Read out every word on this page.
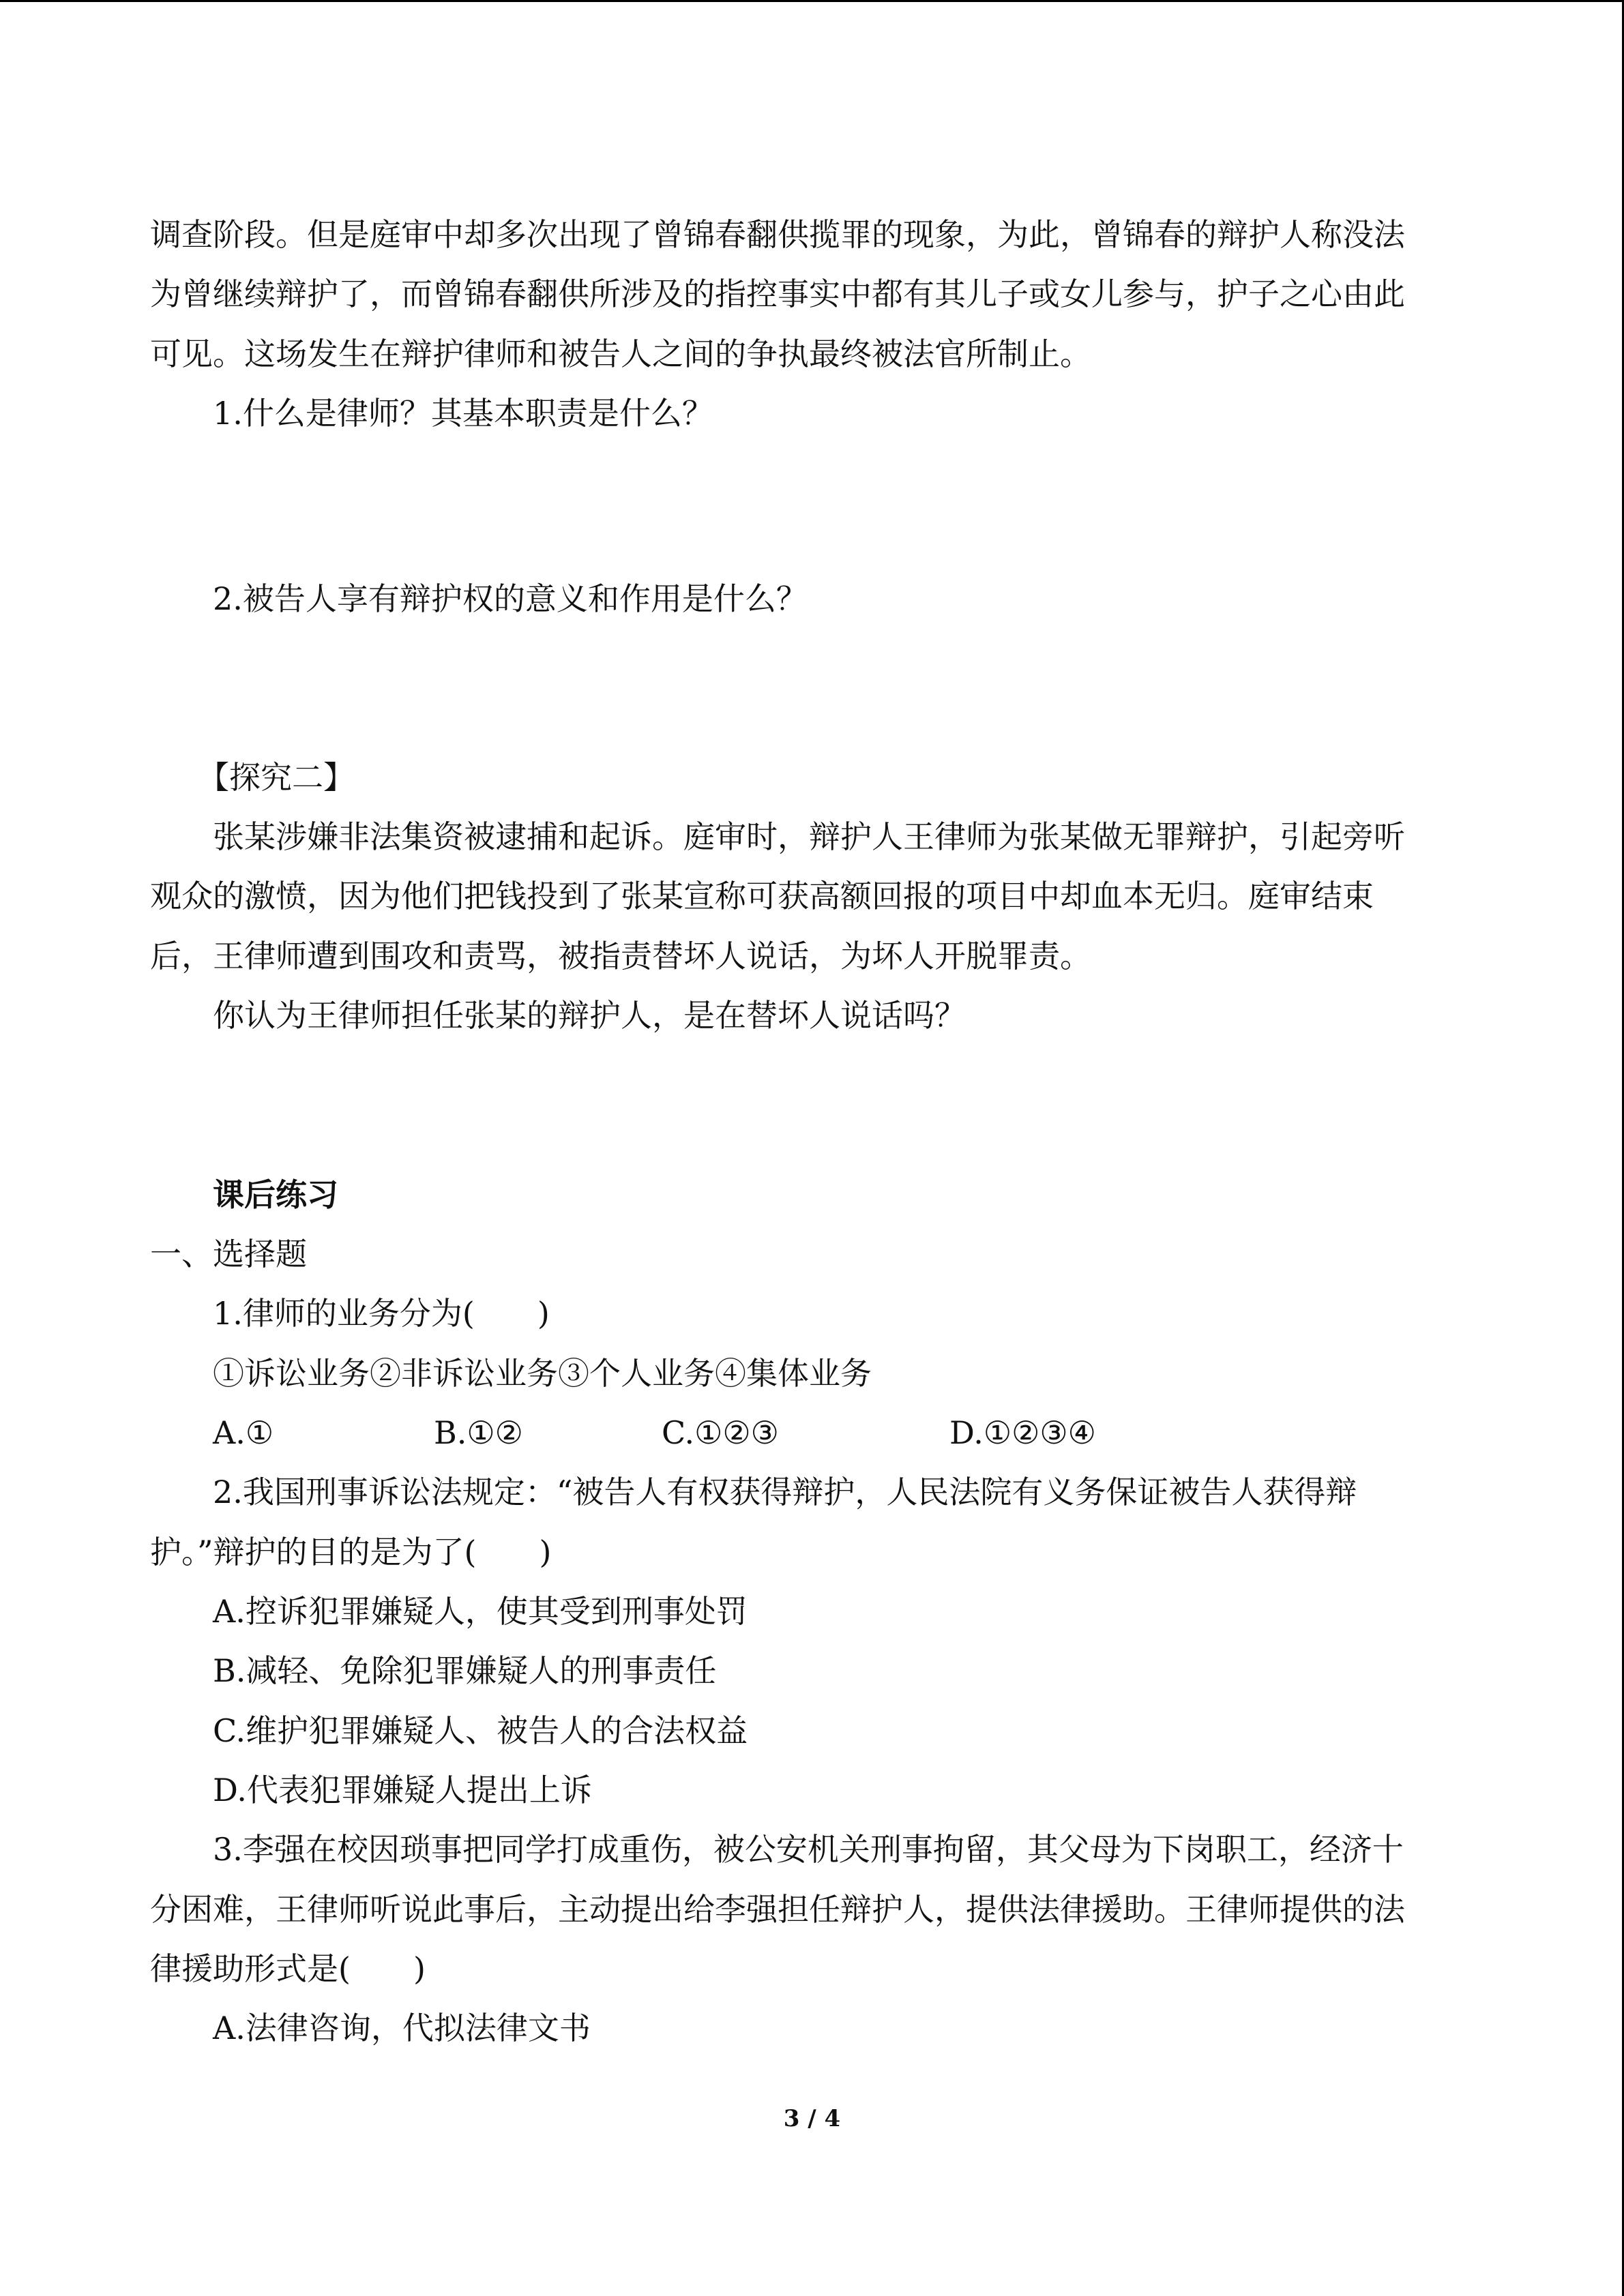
调查阶段。但是庭审中却多次出现了曾锦春翻供揽罪的现象，为此，曾锦春的辩护人称没法
为曾继续辩护了，而曾锦春翻供所涉及的指控事实中都有其儿子或女儿参与，护子之心由此
可见。这场发生在辩护律师和被告人之间的争执最终被法官所制止。
1.什么是律师？其基本职责是什么？
2.被告人享有辩护权的意义和作用是什么？
【探究二】
张某涉嫌非法集资被逮捕和起诉。庭审时，辩护人王律师为张某做无罪辩护，引起旁听
观众的激愤，因为他们把钱投到了张某宣称可获高额回报的项目中却血本无归。庭审结束
后，王律师遭到围攻和责骂，被指责替坏人说话，为坏人开脱罪责。
你认为王律师担任张某的辩护人，是在替坏人说话吗？
课后练习
一、选择题
1.律师的业务分为(　　)
①诉讼业务②非诉讼业务③个人业务④集体业务
A.①	B.①②	C.①②③	D.①②③④
2.我国刑事诉讼法规定：“被告人有权获得辩护，人民法院有义务保证被告人获得辩
护。”辩护的目的是为了(　　)
A.控诉犯罪嫌疑人，使其受到刑事处罚
B.减轻、免除犯罪嫌疑人的刑事责任
C.维护犯罪嫌疑人、被告人的合法权益
D.代表犯罪嫌疑人提出上诉
3.李强在校因琐事把同学打成重伤，被公安机关刑事拘留，其父母为下岗职工，经济十
分困难，王律师听说此事后，主动提出给李强担任辩护人，提供法律援助。王律师提供的法
律援助形式是(　　)
A.法律咨询，代拟法律文书
3 / 4
